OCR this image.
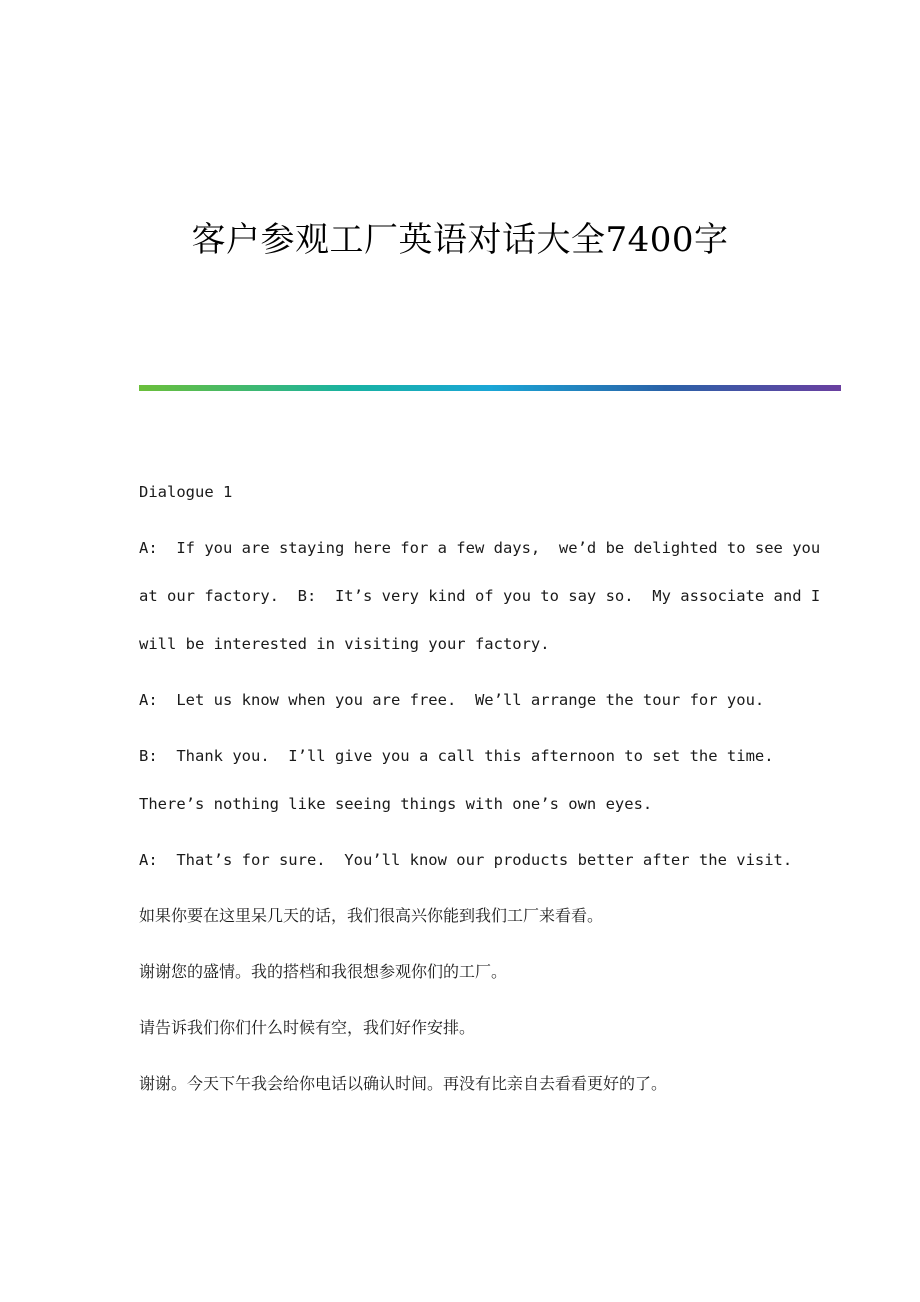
客户参观工厂英语对话大全7400字

Dialogue 1

A:  If you are staying here for a few days,  we’d be delighted to see you at our factory.  B:  It’s very kind of you to say so.  My associate and I will be interested in visiting your factory.

A:  Let us know when you are free.  We’ll arrange the tour for you.

B:  Thank you.  I’ll give you a call this afternoon to set the time.  There’s nothing like seeing things with one’s own eyes.

A:  That’s for sure.  You’ll know our products better after the visit.

如果你要在这里呆几天的话，我们很高兴你能到我们工厂来看看。

谢谢您的盛情。我的搭档和我很想参观你们的工厂。

请告诉我们你们什么时候有空，我们好作安排。

谢谢。今天下午我会给你电话以确认时间。再没有比亲自去看看更好的了。
